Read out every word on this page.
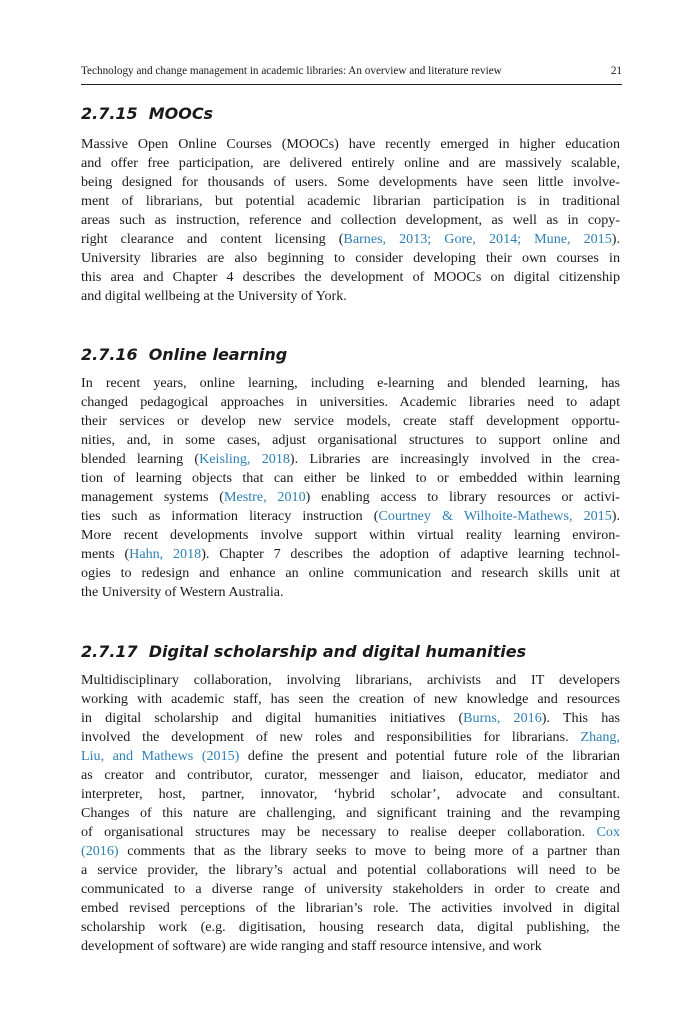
Technology and change management in academic libraries: An overview and literature review	21
2.7.15 MOOCs
Massive Open Online Courses (MOOCs) have recently emerged in higher education
and offer free participation, are delivered entirely online and are massively scalable,
being designed for thousands of users. Some developments have seen little involve-
ment of librarians, but potential academic librarian participation is in traditional
areas such as instruction, reference and collection development, as well as in copy-
right clearance and content licensing (Barnes, 2013; Gore, 2014; Mune, 2015).
University libraries are also beginning to consider developing their own courses in
this area and Chapter 4 describes the development of MOOCs on digital citizenship
and digital wellbeing at the University of York.
2.7.16 Online learning
In recent years, online learning, including e-learning and blended learning, has
changed pedagogical approaches in universities. Academic libraries need to adapt
their services or develop new service models, create staff development opportu-
nities, and, in some cases, adjust organisational structures to support online and
blended learning (Keisling, 2018). Libraries are increasingly involved in the crea-
tion of learning objects that can either be linked to or embedded within learning
management systems (Mestre, 2010) enabling access to library resources or activi-
ties such as information literacy instruction (Courtney & Wilhoite-Mathews, 2015).
More recent developments involve support within virtual reality learning environ-
ments (Hahn, 2018). Chapter 7 describes the adoption of adaptive learning technol-
ogies to redesign and enhance an online communication and research skills unit at
the University of Western Australia.
2.7.17 Digital scholarship and digital humanities
Multidisciplinary collaboration, involving librarians, archivists and IT developers
working with academic staff, has seen the creation of new knowledge and resources
in digital scholarship and digital humanities initiatives (Burns, 2016). This has
involved the development of new roles and responsibilities for librarians. Zhang,
Liu, and Mathews (2015) define the present and potential future role of the librarian
as creator and contributor, curator, messenger and liaison, educator, mediator and
interpreter, host, partner, innovator, ‘hybrid scholar’, advocate and consultant.
Changes of this nature are challenging, and significant training and the revamping
of organisational structures may be necessary to realise deeper collaboration. Cox
(2016) comments that as the library seeks to move to being more of a partner than
a service provider, the library’s actual and potential collaborations will need to be
communicated to a diverse range of university stakeholders in order to create and
embed revised perceptions of the librarian’s role. The activities involved in digital
scholarship work (e.g. digitisation, housing research data, digital publishing, the
development of software) are wide ranging and staff resource intensive, and work
